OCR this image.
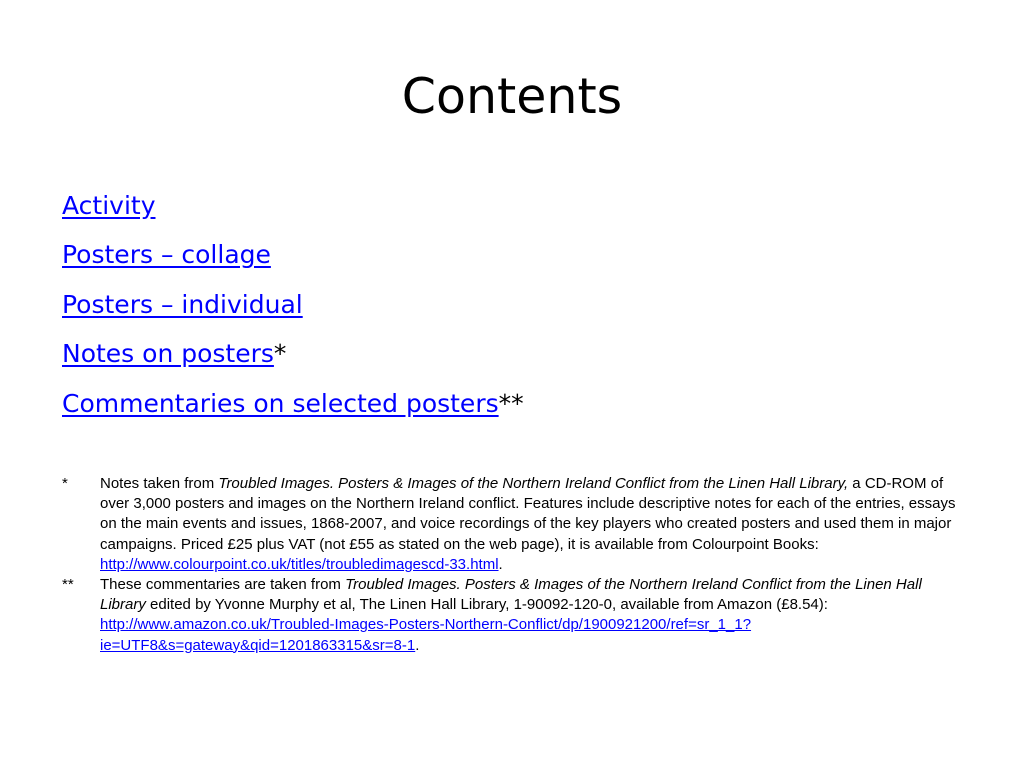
Contents
Activity
Posters – collage
Posters – individual
Notes on posters*
Commentaries on selected posters**
* Notes taken from Troubled Images. Posters & Images of the Northern Ireland Conflict from the Linen Hall Library, a CD-ROM of over 3,000 posters and images on the Northern Ireland conflict. Features include descriptive notes for each of the entries, essays on the main events and issues, 1868-2007, and voice recordings of the key players who created posters and used them in major campaigns. Priced £25 plus VAT (not £55 as stated on the web page), it is available from Colourpoint Books: http://www.colourpoint.co.uk/titles/troubledimagescd-33.html.
** These commentaries are taken from Troubled Images. Posters & Images of the Northern Ireland Conflict from the Linen Hall Library edited by Yvonne Murphy et al, The Linen Hall Library, 1-90092-120-0, available from Amazon (£8.54): http://www.amazon.co.uk/Troubled-Images-Posters-Northern-Conflict/dp/1900921200/ref=sr_1_1?ie=UTF8&s=gateway&qid=1201863315&sr=8-1.
